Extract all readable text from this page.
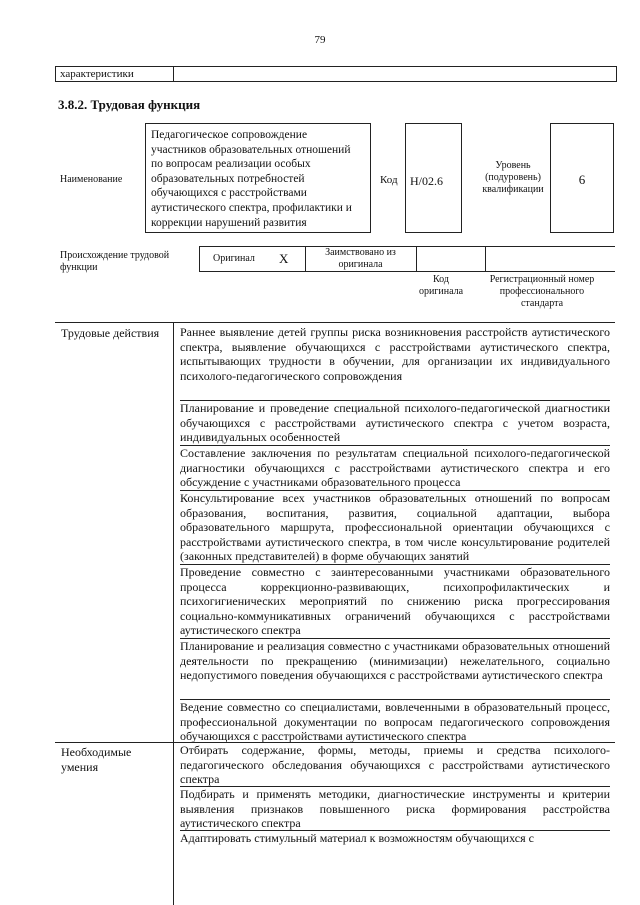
79
характеристики
3.8.2. Трудовая функция
Наименование
Педагогическое сопровождение участников образовательных отношений по вопросам реализации особых образовательных потребностей обучающихся с расстройствами аутистического спектра, профилактики и коррекции нарушений развития
Код H/02.6
Уровень (подуровень) квалификации
6
Происхождение трудовой функции
Оригинал X	Заимствовано из оригинала
Код оригинала
Регистрационный номер профессионального стандарта
Трудовые действия Раннее выявление детей группы риска возникновения расстройств аутистического спектра, выявление обучающихся с расстройствами аутистического спектра, испытывающих трудности в обучении, для организации их индивидуального психолого-педагогического сопровождения
Планирование и проведение специальной психолого-педагогической диагностики обучающихся с расстройствами аутистического спектра с учетом возраста, индивидуальных особенностей
Составление заключения по результатам специальной психолого-педагогической диагностики обучающихся с расстройствами аутистического спектра и его обсуждение с участниками образовательного процесса
Консультирование всех участников образовательных отношений по вопросам образования, воспитания, развития, социальной адаптации, выбора образовательного маршрута, профессиональной ориентации обучающихся с расстройствами аутистического спектра, в том числе консультирование родителей (законных представителей) в форме обучающих занятий
Проведение совместно с заинтересованными участниками образовательного процесса коррекционно-развивающих, психопрофилактических и психогигиенических мероприятий по снижению риска прогрессирования социально-коммуникативных ограничений обучающихся с расстройствами аутистического спектра
Планирование и реализация совместно с участниками образовательных отношений деятельности по прекращению (минимизации) нежелательного, социально недопустимого поведения обучающихся с расстройствами аутистического спектра
Ведение совместно со специалистами, вовлеченными в образовательный процесс, профессиональной документации по вопросам педагогического сопровождения обучающихся с расстройствами аутистического спектра
Необходимые умения
Отбирать содержание, формы, методы, приемы и средства психолого-педагогического обследования обучающихся с расстройствами аутистического спектра
Подбирать и применять методики, диагностические инструменты и критерии выявления признаков повышенного риска формирования расстройства аутистического спектра
Адаптировать стимульный материал к возможностям обучающихся с
